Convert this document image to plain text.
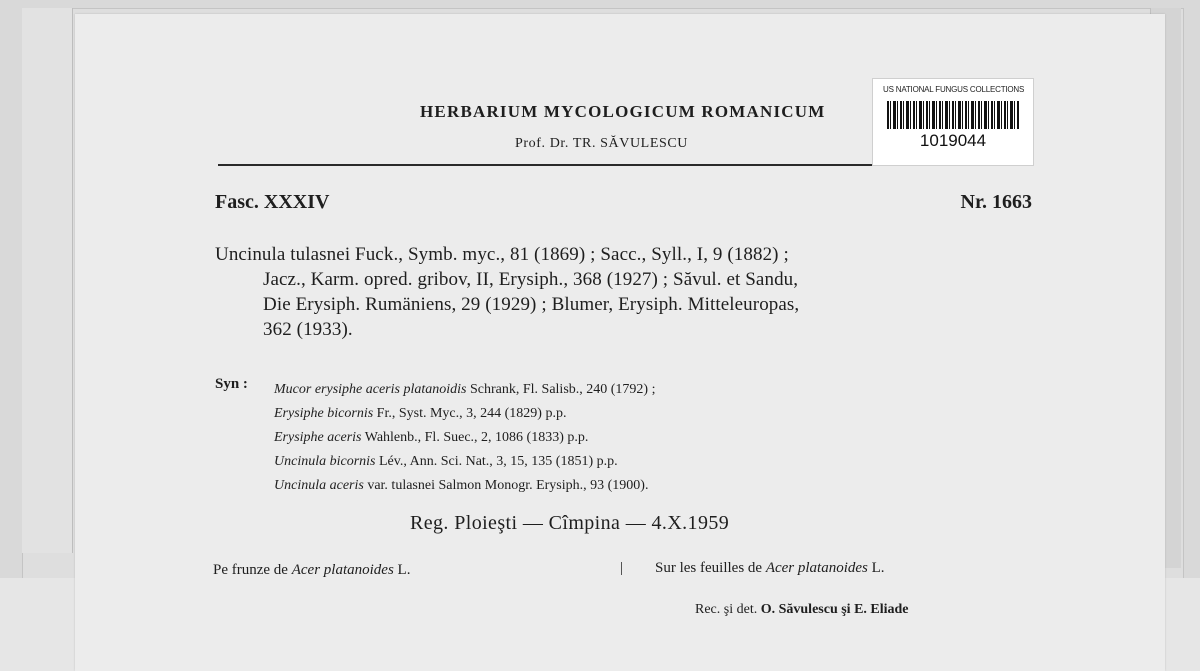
HERBARIUM MYCOLOGICUM ROMANICUM
Prof. Dr. TR. SĂVULESCU
US NATIONAL FUNGUS COLLECTIONS
1019044
Fasc. XXXIV	Nr. 1663
Uncinula tulasnei Fuck., Symb. myc., 81 (1869) ; Sacc., Syll., I, 9 (1882) ;
Jacz., Karm. opred. gribov, II, Erysiph., 368 (1927) ; Săvul. et Sandu,
Die Erysiph. Rumäniens, 29 (1929) ; Blumer, Erysiph. Mitteleuropas,
362 (1933).
Syn : Mucor erysiphe aceris platanoidis Schrank, Fl. Salisb., 240 (1792) ;
Erysiphe bicornis Fr., Syst. Myc., 3, 244 (1829) p.p.
Erysiphe aceris Wahlenb., Fl. Suec., 2, 1086 (1833) p.p.
Uncinula bicornis Lév., Ann. Sci. Nat., 3, 15, 135 (1851) p.p.
Uncinula aceris var. tulasnei Salmon Monogr. Erysiph., 93 (1900).
Reg. Ploieşti — Cîmpina — 4.X.1959
Pe frunze de Acer platanoides L.	| Sur les feuilles de Acer platanoides L.
Rec. şi det. O. Săvulescu şi E. Eliade
